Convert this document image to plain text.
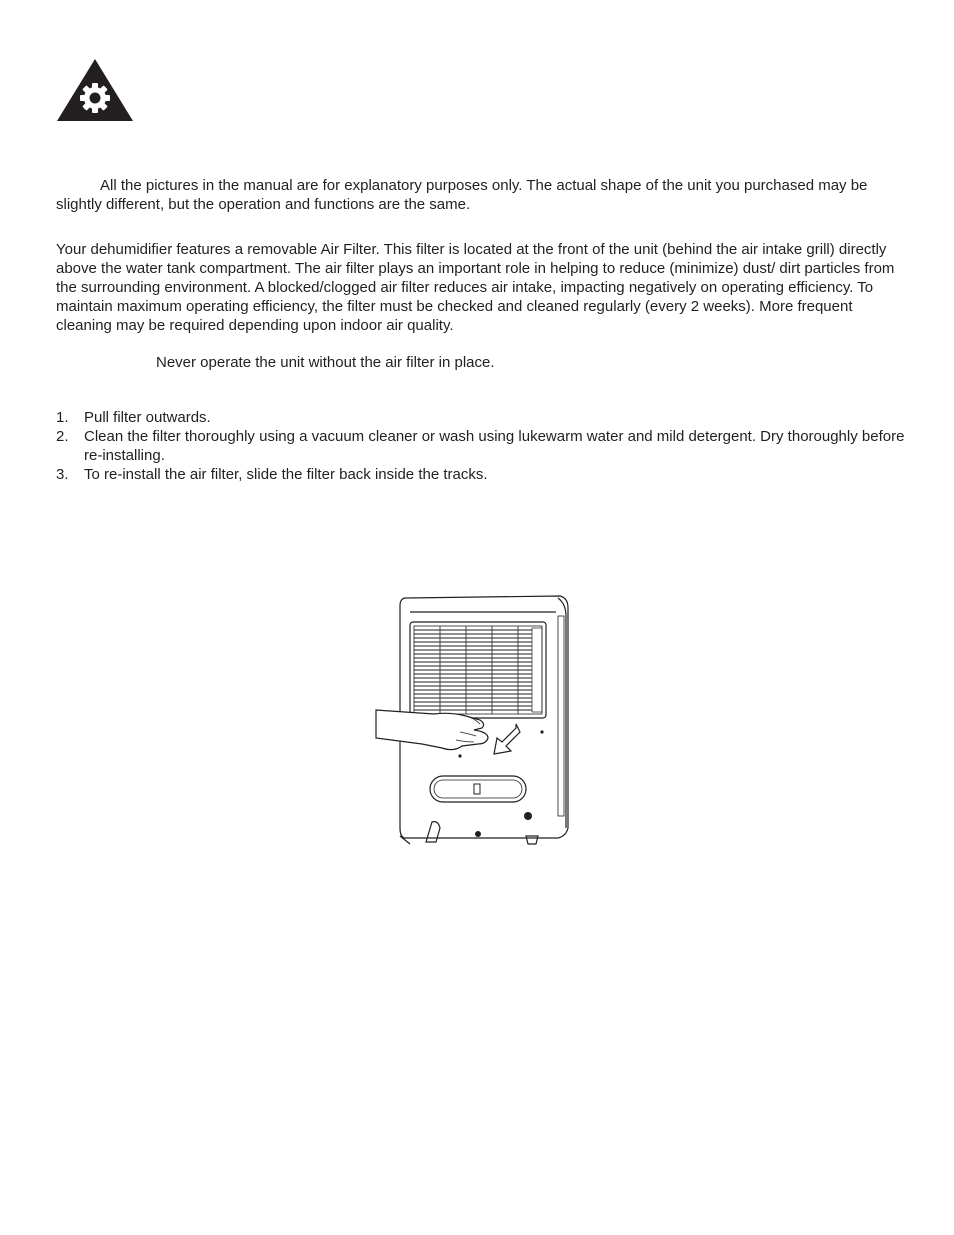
All the pictures in the manual are for explanatory purposes only. The actual shape of the unit you purchased may be slightly different, but the operation and functions are the same.

Your dehumidifier features a removable Air Filter. This filter is located at the front of the unit (behind the air intake grill) directly above the water tank compartment. The air filter plays an important role in helping to reduce (minimize) dust/ dirt particles from the surrounding environment. A blocked/clogged air filter reduces air intake, impacting negatively on operating efficiency. To maintain maximum operating efficiency, the filter must be checked and cleaned regularly (every 2 weeks). More frequent cleaning may be required depending upon indoor air quality.

Never operate the unit without the air filter in place.

1. Pull filter outwards.
2. Clean the filter thoroughly using a vacuum cleaner or wash using lukewarm water and mild detergent. Dry thoroughly before re-installing.
3. To re-install the air filter, slide the filter back inside the tracks.
